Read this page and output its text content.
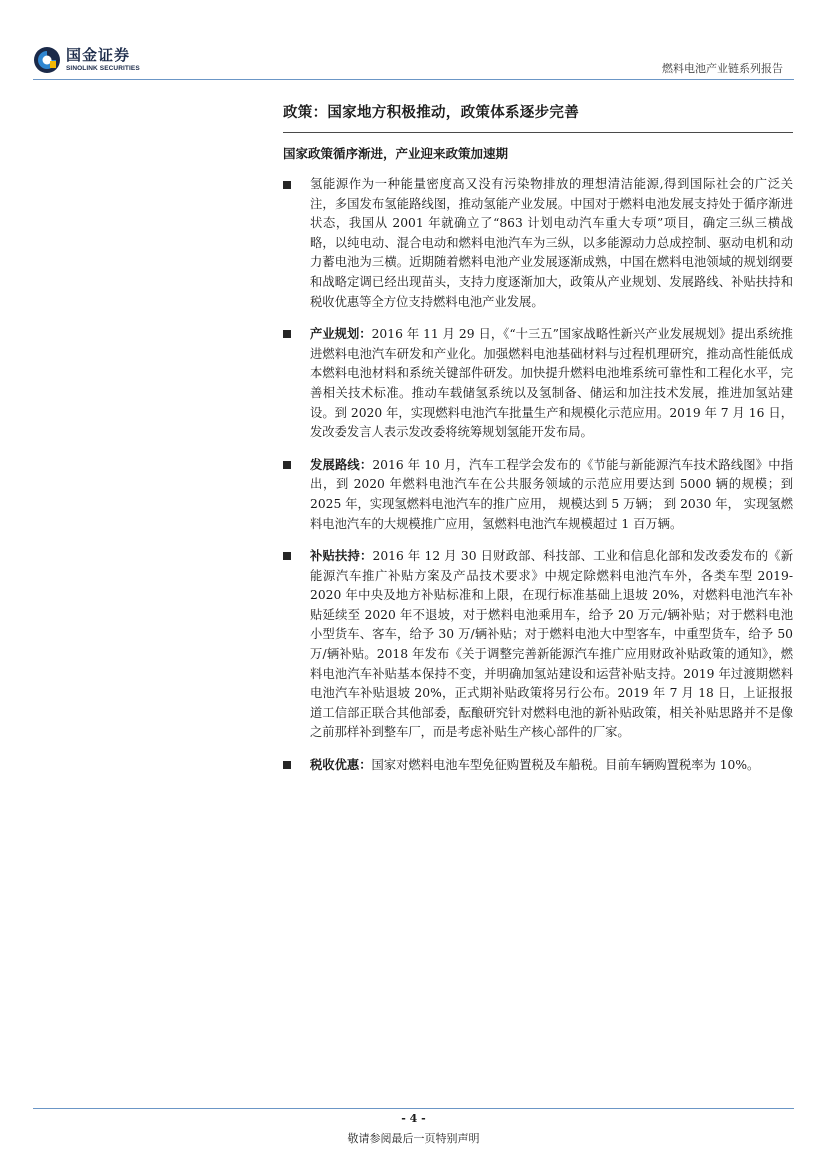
国金证券
SINOLINK SECURITIES	燃料电池产业链系列报告
政策：国家地方积极推动，政策体系逐步完善
国家政策循序渐进，产业迎来政策加速期

氢能源作为一种能量密度高又没有污染物排放的理想清洁能源,得到国际社会的广泛关注，多国发布氢能路线图，推动氢能产业发展。中国对于燃料电池发展支持处于循序渐进状态，我国从 2001 年就确立了“863 计划电动汽车重大专项”项目，确定三纵三横战略，以纯电动、混合电动和燃料电池汽车为三纵，以多能源动力总成控制、驱动电机和动力蓄电池为三横。近期随着燃料电池产业发展逐渐成熟，中国在燃料电池领域的规划纲要和战略定调已经出现苗头，支持力度逐渐加大，政策从产业规划、发展路线、补贴扶持和税收优惠等全方位支持燃料电池产业发展。

产业规划：2016 年 11 月 29 日，《“十三五”国家战略性新兴产业发展规划》提出系统推进燃料电池汽车研发和产业化。加强燃料电池基础材料与过程机理研究，推动高性能低成本燃料电池材料和系统关键部件研发。加快提升燃料电池堆系统可靠性和工程化水平，完善相关技术标准。推动车载储氢系统以及氢制备、储运和加注技术发展，推进加氢站建设。到 2020 年，实现燃料电池汽车批量生产和规模化示范应用。2019 年 7 月 16 日，发改委发言人表示发改委将统筹规划氢能开发布局。

发展路线：2016 年 10 月，汽车工程学会发布的《节能与新能源汽车技术路线图》中指出，到 2020 年燃料电池汽车在公共服务领域的示范应用要达到 5000 辆的规模；到 2025 年，实现氢燃料电池汽车的推广应用， 规模达到 5 万辆； 到 2030 年， 实现氢燃料电池汽车的大规模推广应用，氢燃料电池汽车规模超过 1 百万辆。

补贴扶持：2016 年 12 月 30 日财政部、科技部、工业和信息化部和发改委发布的《新能源汽车推广补贴方案及产品技术要求》中规定除燃料电池汽车外，各类车型 2019-2020 年中央及地方补贴标准和上限，在现行标准基础上退坡 20%，对燃料电池汽车补贴延续至 2020 年不退坡，对于燃料电池乘用车，给予 20 万元/辆补贴；对于燃料电池小型货车、客车，给予 30 万/辆补贴；对于燃料电池大中型客车，中重型货车，给予 50 万/辆补贴。2018 年发布《关于调整完善新能源汽车推广应用财政补贴政策的通知》，燃料电池汽车补贴基本保持不变，并明确加氢站建设和运营补贴支持。2019 年过渡期燃料电池汽车补贴退坡 20%，正式期补贴政策将另行公布。2019 年 7 月 18 日，上证报报道工信部正联合其他部委，酝酿研究针对燃料电池的新补贴政策，相关补贴思路并不是像之前那样补到整车厂，而是考虑补贴生产核心部件的厂家。

税收优惠：国家对燃料电池车型免征购置税及车船税。目前车辆购置税率为 10%。

- 4 -
敬请参阅最后一页特别声明
